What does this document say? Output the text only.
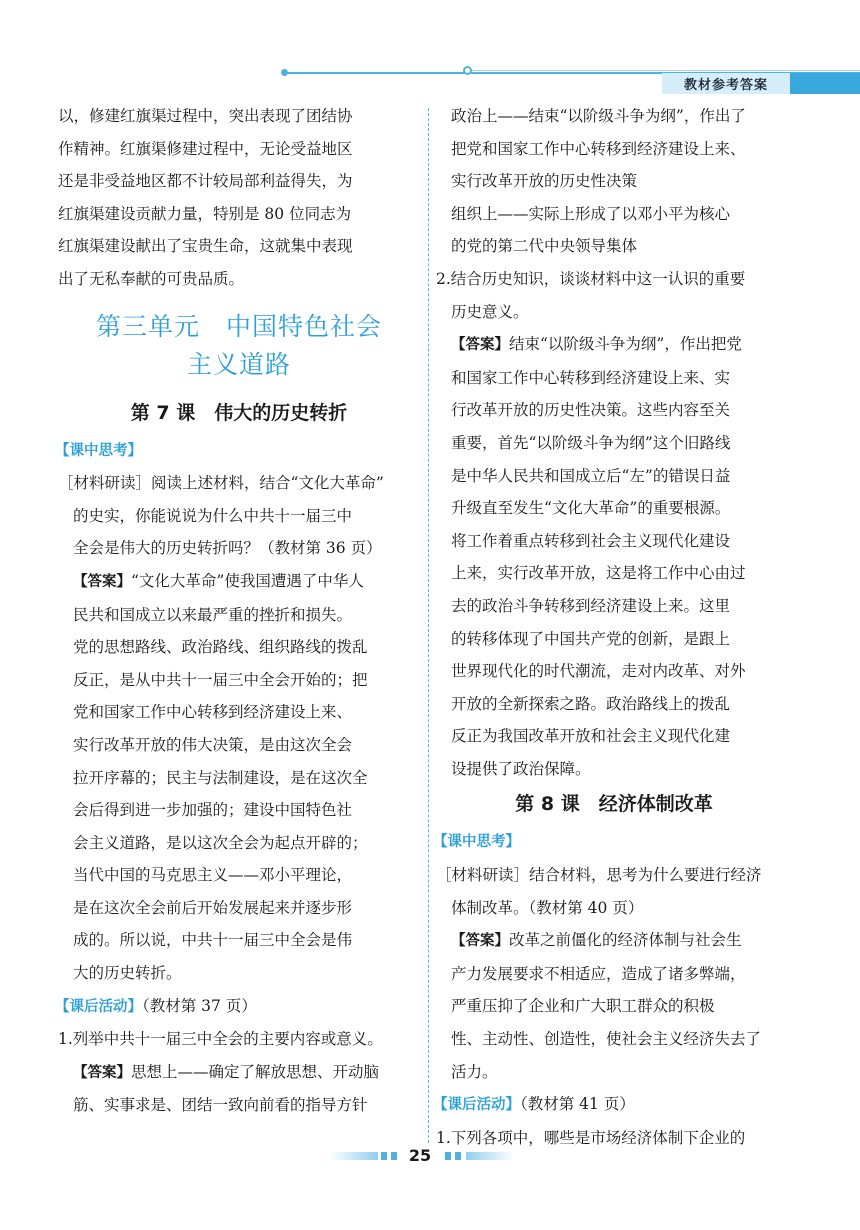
教材参考答案

以，修建红旗渠过程中，突出表现了团结协

作精神。红旗渠修建过程中，无论受益地区

还是非受益地区都不计较局部利益得失，为

红旗渠建设贡献力量，特别是 80 位同志为

红旗渠建设献出了宝贵生命，这就集中表现

出了无私奉献的可贵品质。

第三单元　中国特色社会
主义道路
第 7 课　伟大的历史转折

【课中思考】

［材料研读］阅读上述材料，结合“文化大革命”

的史实，你能说说为什么中共十一届三中

全会是伟大的历史转折吗？（教材第 36 页）

【答案】“文化大革命”使我国遭遇了中华人

民共和国成立以来最严重的挫折和损失。

党的思想路线、政治路线、组织路线的拨乱

反正，是从中共十一届三中全会开始的；把

党和国家工作中心转移到经济建设上来、

实行改革开放的伟大决策，是由这次全会

拉开序幕的；民主与法制建设，是在这次全

会后得到进一步加强的；建设中国特色社

会主义道路，是以这次全会为起点开辟的；

当代中国的马克思主义——邓小平理论，

是在这次全会前后开始发展起来并逐步形

成的。所以说，中共十一届三中全会是伟

大的历史转折。

【课后活动】（教材第 37 页）

1.列举中共十一届三中全会的主要内容或意义。

【答案】思想上——确定了解放思想、开动脑

筋、实事求是、团结一致向前看的指导方针

政治上——结束“以阶级斗争为纲”，作出了

把党和国家工作中心转移到经济建设上来、

实行改革开放的历史性决策

组织上——实际上形成了以邓小平为核心

的党的第二代中央领导集体

2.结合历史知识，谈谈材料中这一认识的重要

历史意义。

【答案】结束“以阶级斗争为纲”，作出把党

和国家工作中心转移到经济建设上来、实

行改革开放的历史性决策。这些内容至关

重要，首先“以阶级斗争为纲”这个旧路线

是中华人民共和国成立后“左”的错误日益

升级直至发生“文化大革命”的重要根源。

将工作着重点转移到社会主义现代化建设

上来，实行改革开放，这是将工作中心由过

去的政治斗争转移到经济建设上来。这里

的转移体现了中国共产党的创新，是跟上

世界现代化的时代潮流，走对内改革、对外

开放的全新探索之路。政治路线上的拨乱

反正为我国改革开放和社会主义现代化建

设提供了政治保障。

第 8 课　经济体制改革

【课中思考】

［材料研读］结合材料，思考为什么要进行经济

体制改革。（教材第 40 页）

【答案】改革之前僵化的经济体制与社会生

产力发展要求不相适应，造成了诸多弊端，

严重压抑了企业和广大职工群众的积极

性、主动性、创造性，使社会主义经济失去了

活力。

【课后活动】（教材第 41 页）

1.下列各项中，哪些是市场经济体制下企业的

25
